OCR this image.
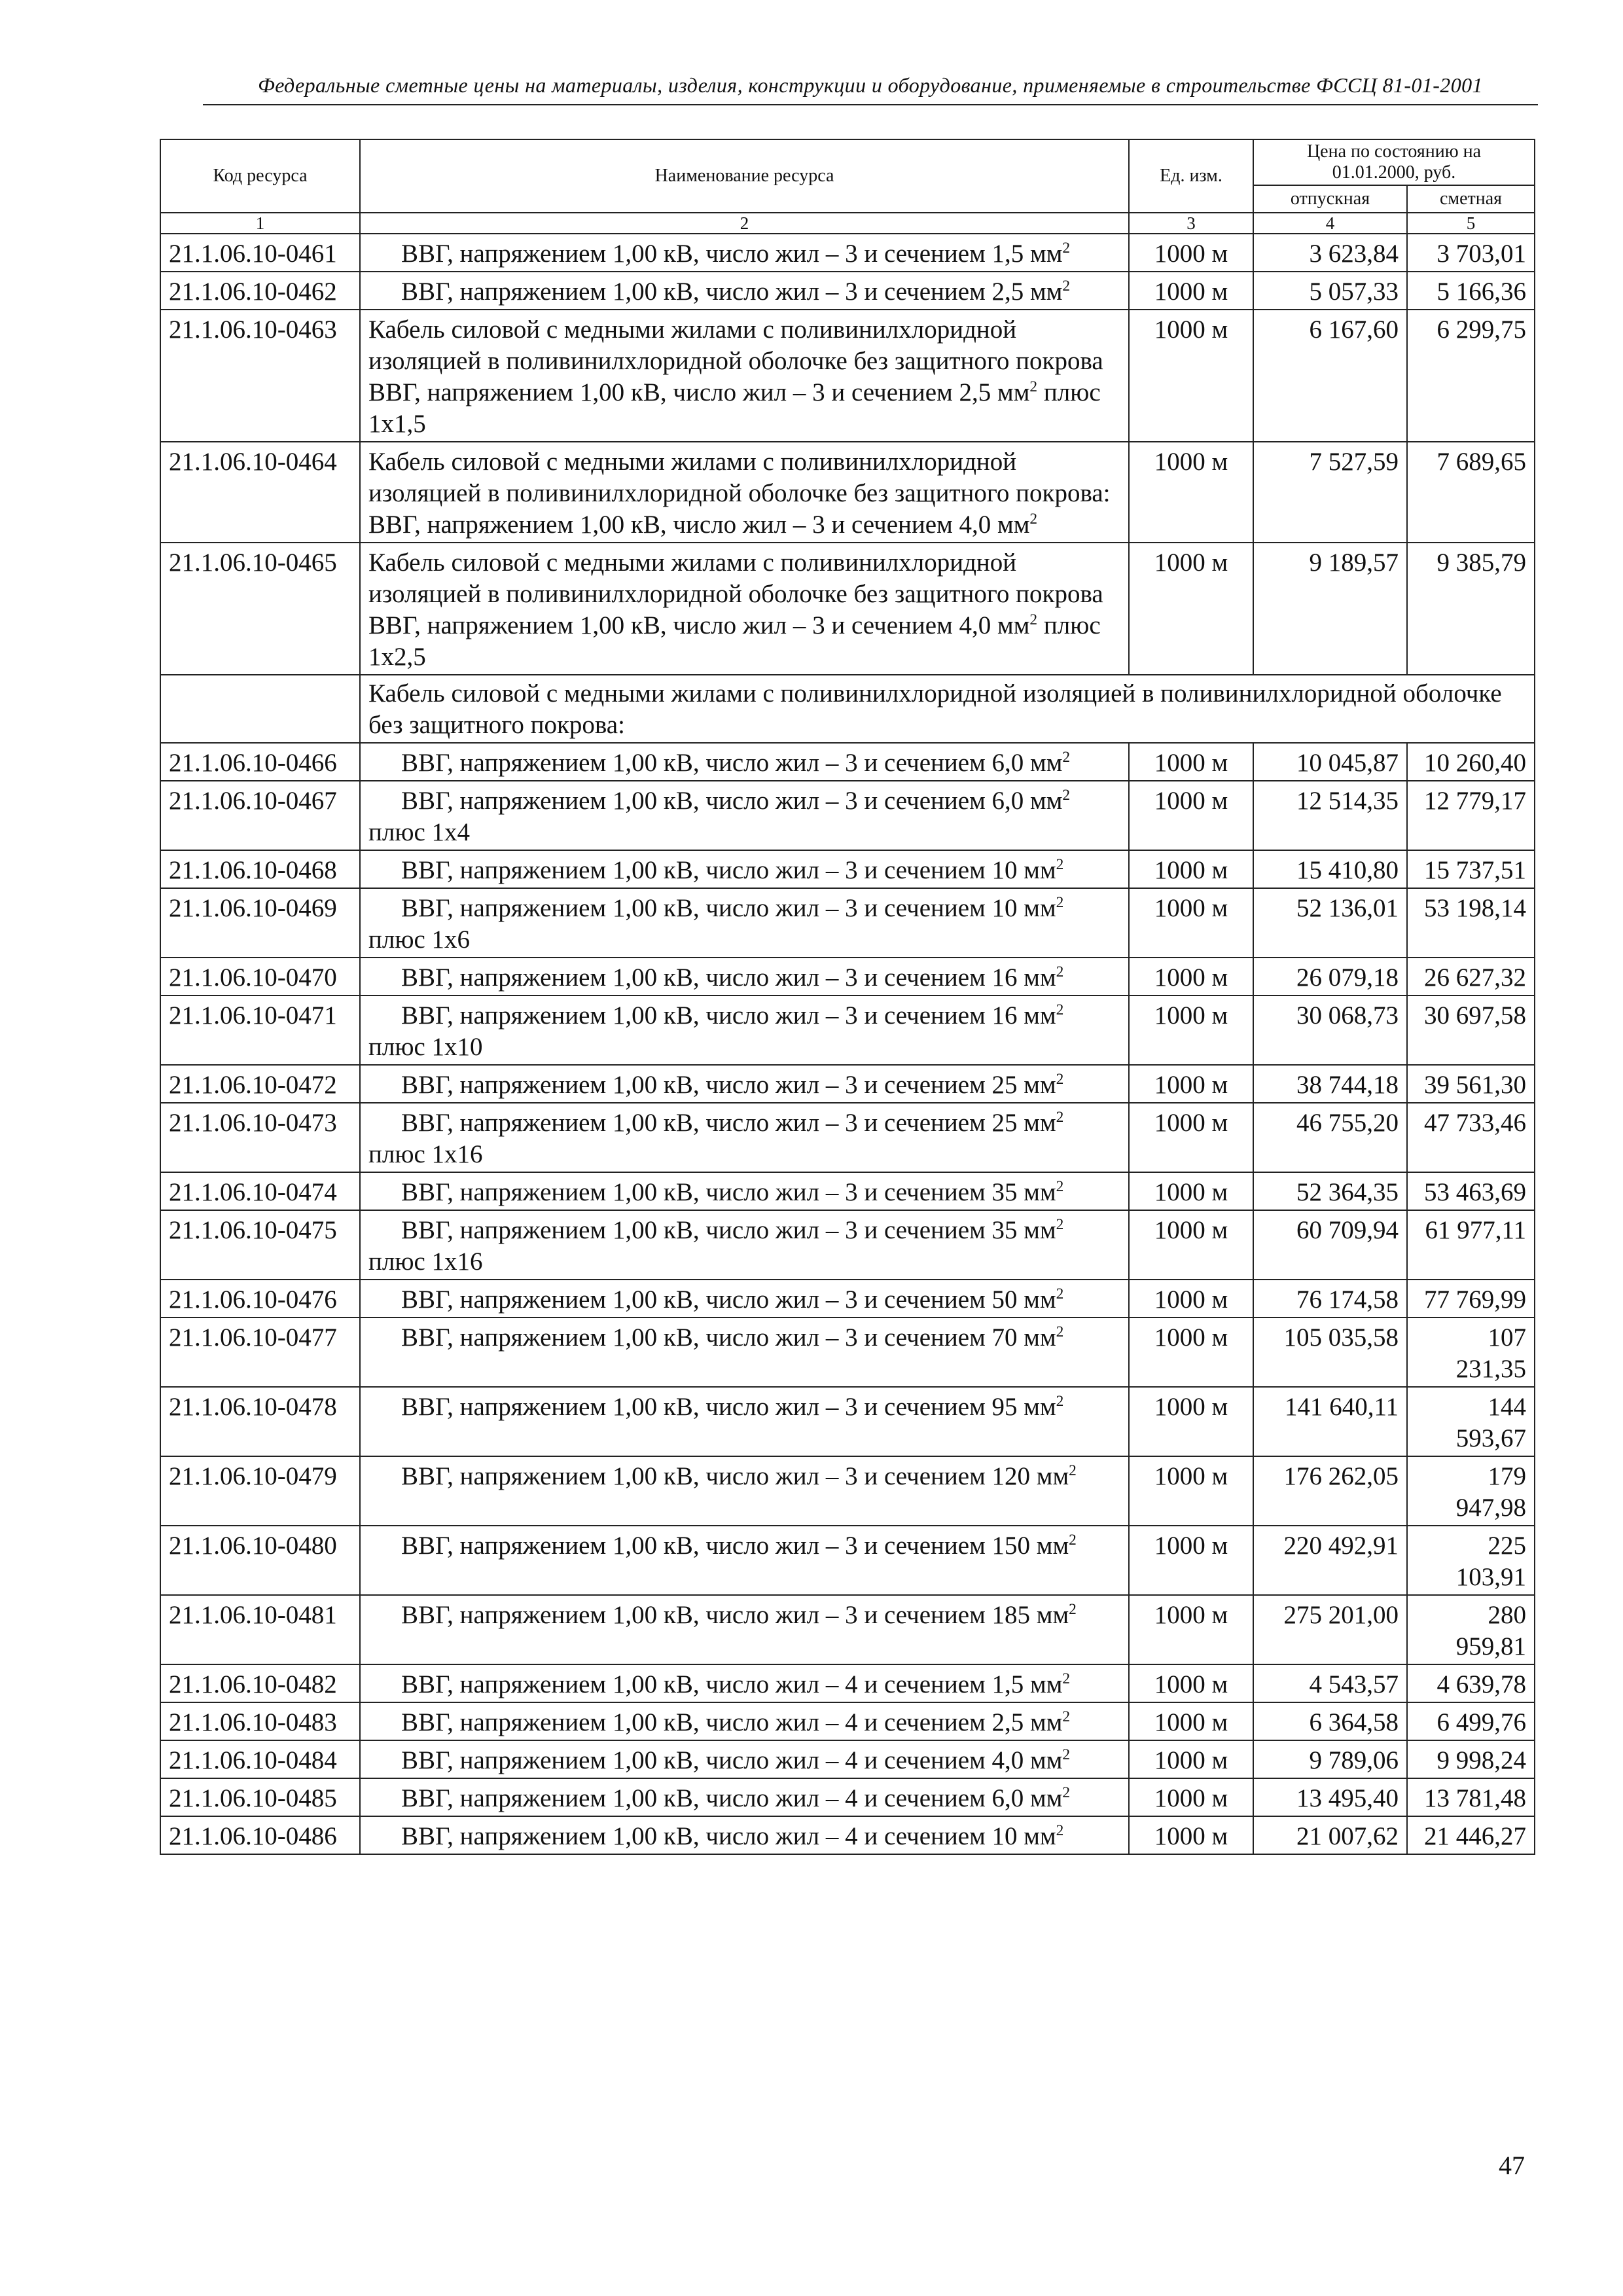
Федеральные сметные цены на материалы, изделия, конструкции и оборудование, применяемые в строительстве ФССЦ 81-01-2001
Код ресурса	Наименование ресурса	Ед. изм.	Цена по состоянию на 01.01.2000, руб.	
			отпускная	сметная
1	2	3	4	5
21.1.06.10-0461	ВВГ, напряжением 1,00 кВ, число жил – 3 и сечением 1,5 $мм^2$	1000 м	3 623,84	3 703,01
21.1.06.10-0462	ВВГ, напряжением 1,00 кВ, число жил – 3 и сечением 2,5 $мм^2$	1000 м	5 057,33	5 166,36
21.1.06.10-0463	Кабель силовой с медными жилами с поливинилхлоридной изоляцией в поливинилхлоридной оболочке без защитного покрова ВВГ, напряжением 1,00 кВ, число жил – 3 и сечением 2,5 $мм^2$ плюс 1х1,5	1000 м	6 167,60	6 299,75
21.1.06.10-0464	Кабель силовой с медными жилами с поливинилхлоридной изоляцией в поливинилхлоридной оболочке без защитного покрова: ВВГ, напряжением 1,00 кВ, число жил – 3 и сечением 4,0 $мм^2$	1000 м	7 527,59	7 689,65
21.1.06.10-0465	Кабель силовой с медными жилами с поливинилхлоридной изоляцией в поливинилхлоридной оболочке без защитного покрова ВВГ, напряжением 1,00 кВ, число жил – 3 и сечением 4,0 $мм^2$ плюс 1х2,5	1000 м	9 189,57	9 385,79
	Кабель силовой с медными жилами с поливинилхлоридной изоляцией в поливинилхлоридной оболочке без защитного покрова:			
21.1.06.10-0466	ВВГ, напряжением 1,00 кВ, число жил – 3 и сечением 6,0 $мм^2$	1000 м	10 045,87	10 260,40
21.1.06.10-0467	ВВГ, напряжением 1,00 кВ, число жил – 3 и сечением 6,0 $мм^2$ плюс 1х4	1000 м	12 514,35	12 779,17
21.1.06.10-0468	ВВГ, напряжением 1,00 кВ, число жил – 3 и сечением 10 $мм^2$	1000 м	15 410,80	15 737,51
21.1.06.10-0469	ВВГ, напряжением 1,00 кВ, число жил – 3 и сечением 10 $мм^2$ плюс 1х6	1000 м	52 136,01	53 198,14
21.1.06.10-0470	ВВГ, напряжением 1,00 кВ, число жил – 3 и сечением 16 $мм^2$	1000 м	26 079,18	26 627,32
21.1.06.10-0471	ВВГ, напряжением 1,00 кВ, число жил – 3 и сечением 16 $мм^2$ плюс 1х10	1000 м	30 068,73	30 697,58
21.1.06.10-0472	ВВГ, напряжением 1,00 кВ, число жил – 3 и сечением 25 $мм^2$	1000 м	38 744,18	39 561,30
21.1.06.10-0473	ВВГ, напряжением 1,00 кВ, число жил – 3 и сечением 25 $мм^2$ плюс 1х16	1000 м	46 755,20	47 733,46
21.1.06.10-0474	ВВГ, напряжением 1,00 кВ, число жил – 3 и сечением 35 $мм^2$	1000 м	52 364,35	53 463,69
21.1.06.10-0475	ВВГ, напряжением 1,00 кВ, число жил – 3 и сечением 35 $мм^2$ плюс 1х16	1000 м	60 709,94	61 977,11
21.1.06.10-0476	ВВГ, напряжением 1,00 кВ, число жил – 3 и сечением 50 $мм^2$	1000 м	76 174,58	77 769,99
21.1.06.10-0477	ВВГ, напряжением 1,00 кВ, число жил – 3 и сечением 70 $мм^2$	1000 м	105 035,58	107 231,35
21.1.06.10-0478	ВВГ, напряжением 1,00 кВ, число жил – 3 и сечением 95 $мм^2$	1000 м	141 640,11	144 593,67
21.1.06.10-0479	ВВГ, напряжением 1,00 кВ, число жил – 3 и сечением 120 $мм^2$	1000 м	176 262,05	179 947,98
21.1.06.10-0480	ВВГ, напряжением 1,00 кВ, число жил – 3 и сечением 150 $мм^2$	1000 м	220 492,91	225 103,91
21.1.06.10-0481	ВВГ, напряжением 1,00 кВ, число жил – 3 и сечением 185 $мм^2$	1000 м	275 201,00	280 959,81
21.1.06.10-0482	ВВГ, напряжением 1,00 кВ, число жил – 4 и сечением 1,5 $мм^2$	1000 м	4 543,57	4 639,78
21.1.06.10-0483	ВВГ, напряжением 1,00 кВ, число жил – 4 и сечением 2,5 $мм^2$	1000 м	6 364,58	6 499,76
21.1.06.10-0484	ВВГ, напряжением 1,00 кВ, число жил – 4 и сечением 4,0 $мм^2$	1000 м	9 789,06	9 998,24
21.1.06.10-0485	ВВГ, напряжением 1,00 кВ, число жил – 4 и сечением 6,0 $мм^2$	1000 м	13 495,40	13 781,48
21.1.06.10-0486	ВВГ, напряжением 1,00 кВ, число жил – 4 и сечением 10 $мм^2$	1000 м	21 007,62	21 446,27
47
